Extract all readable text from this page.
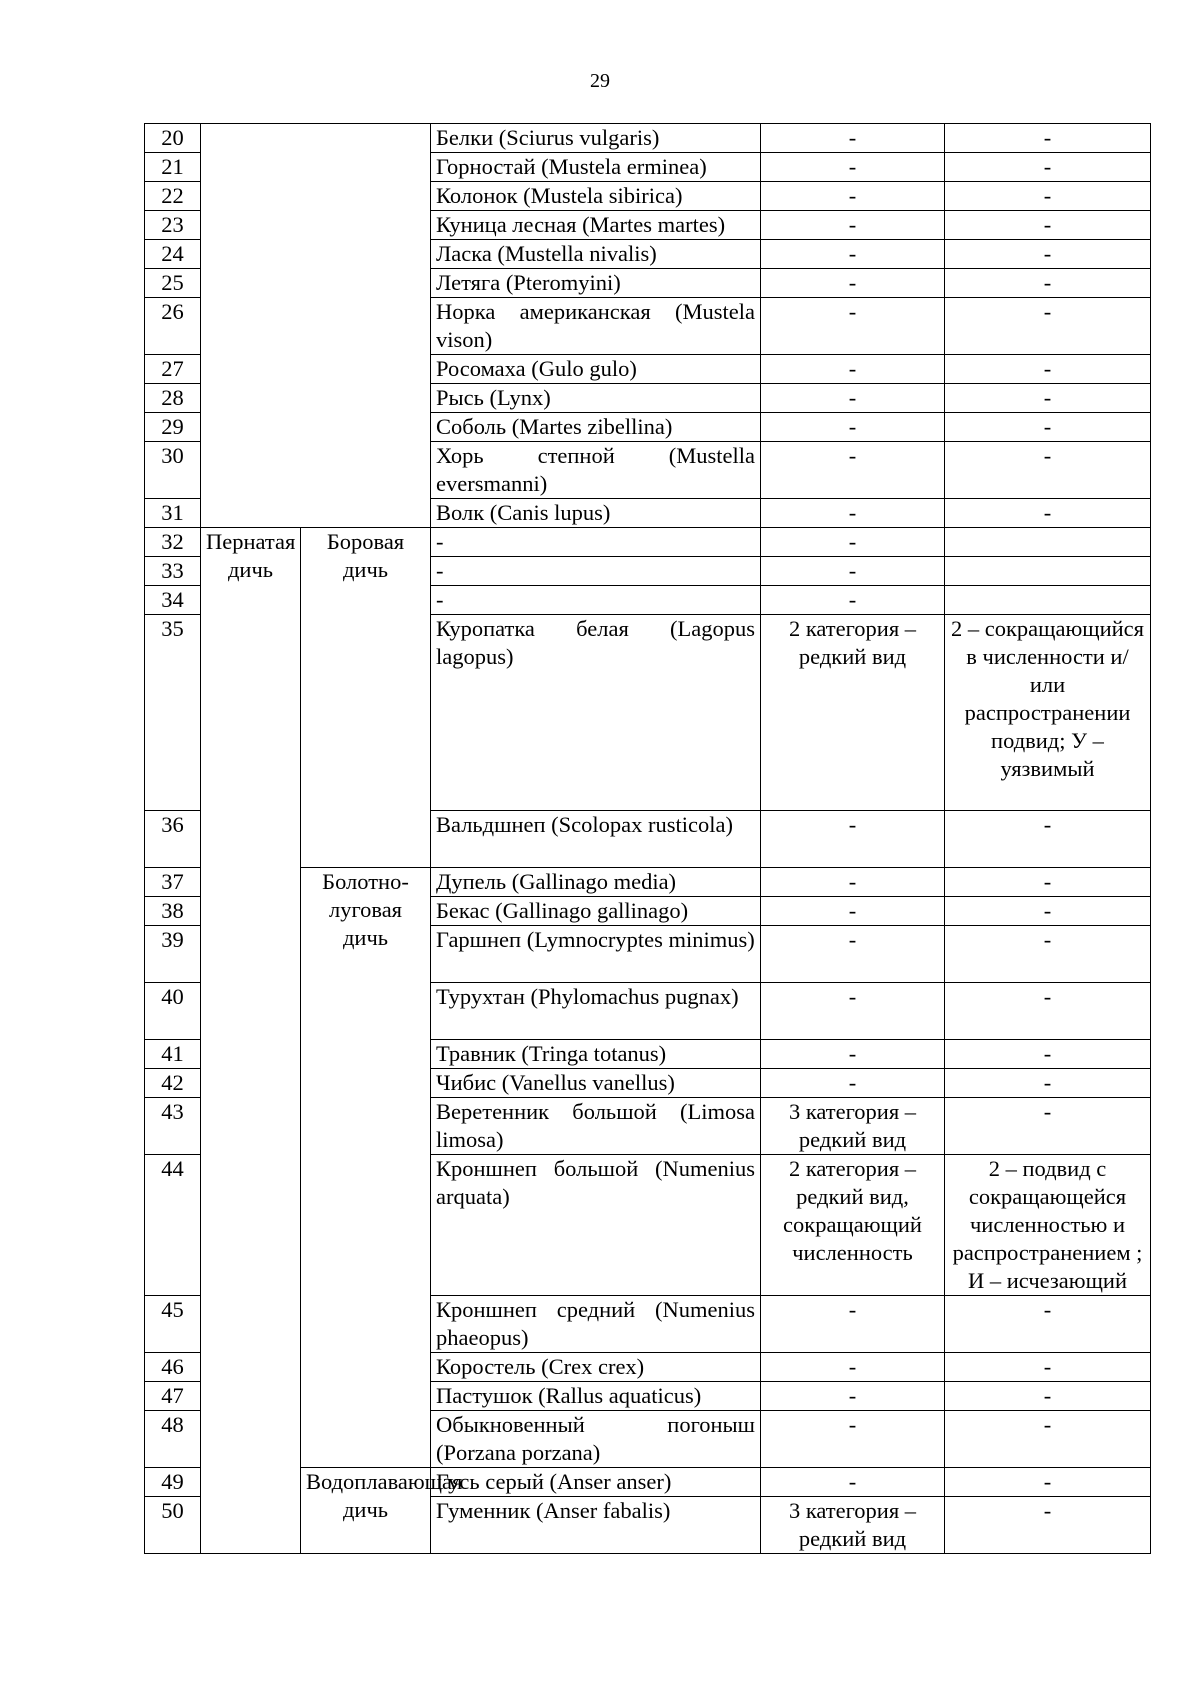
29
20			Белки (Sciurus vulgaris)	-	-
21			Горностай (Mustela erminea)	-	-
22			Колонок (Mustela sibirica)	-	-
23			Куница лесная (Martes martes)	-	-
24			Ласка (Mustella nivalis)	-	-
25			Летяга (Pteromyini)	-	-
26			Норка американская (Mustela vison)	-	-
27			Росомаха (Gulo gulo)	-	-
28			Рысь (Lynx)	-	-
29			Соболь (Martes zibellina)	-	-
30			Хорь степной (Mustella eversmanni)	-	-
31			Волк (Canis lupus)	-	-
32	Пернатая дичь	Боровая дичь	-	-	
33			-	-	
34			-	-	
35			Куропатка белая (Lagopus lagopus)	2 категория – редкий вид	2 – сокращающийся в численности и/или распространении подвид; У – уязвимый
36			Вальдшнеп (Scolopax rusticola)	-	-
37		Болотно-луговая дичь	Дупель (Gallinago media)	-	-
38			Бекас (Gallinago gallinago)	-	-
39			Гаршнеп (Lymnocryptes minimus)	-	-
40			Турухтан (Phylomachus pugnax)	-	-
41			Травник (Tringa totanus)	-	-
42			Чибис (Vanellus vanellus)	-	-
43			Веретенник большой (Limosa limosa)	3 категория – редкий вид	-
44			Кроншнеп большой (Numenius arquata)	2 категория – редкий вид, сокращающий численность	2 – подвид с сокращающейся численностью и распространением ; И – исчезающий
45			Кроншнеп средний (Numenius phaeopus)	-	-
46			Коростель (Crex crex)	-	-
47			Пастушок (Rallus aquaticus)	-	-
48			Обыкновенный погоныш (Porzana porzana)	-	-
49		Водоплавающая дичь	Гусь серый (Anser anser)	-	-
50			Гуменник (Anser fabalis)	3 категория – редкий вид	-
